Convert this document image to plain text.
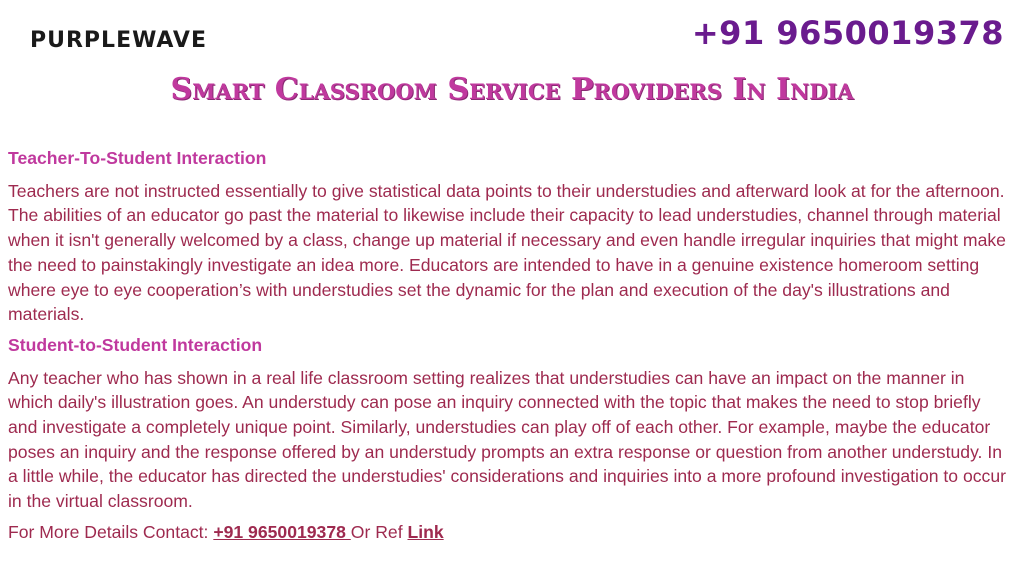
PURPLEWAVE	+91 9650019378
Smart Classroom Service Providers In India
Teacher-To-Student Interaction

Teachers are not instructed essentially to give statistical data points to their understudies and afterward look at for the afternoon. The abilities of an educator go past the material to likewise include their capacity to lead understudies, channel through material when it isn't generally welcomed by a class, change up material if necessary and even handle irregular inquiries that might make the need to painstakingly investigate an idea more. Educators are intended to have in a genuine existence homeroom setting where eye to eye cooperation’s with understudies set the dynamic for the plan and execution of the day's illustrations and materials.

Student-to-Student Interaction

Any teacher who has shown in a real life classroom setting realizes that understudies can have an impact on the manner in which daily's illustration goes. An understudy can pose an inquiry connected with the topic that makes the need to stop briefly and investigate a completely unique point. Similarly, understudies can play off of each other. For example, maybe the educator poses an inquiry and the response offered by an understudy prompts an extra response or question from another understudy. In a little while, the educator has directed the understudies' considerations and inquiries into a more profound investigation to occur in the virtual classroom.

For More Details Contact: +91 9650019378 Or Ref Link
